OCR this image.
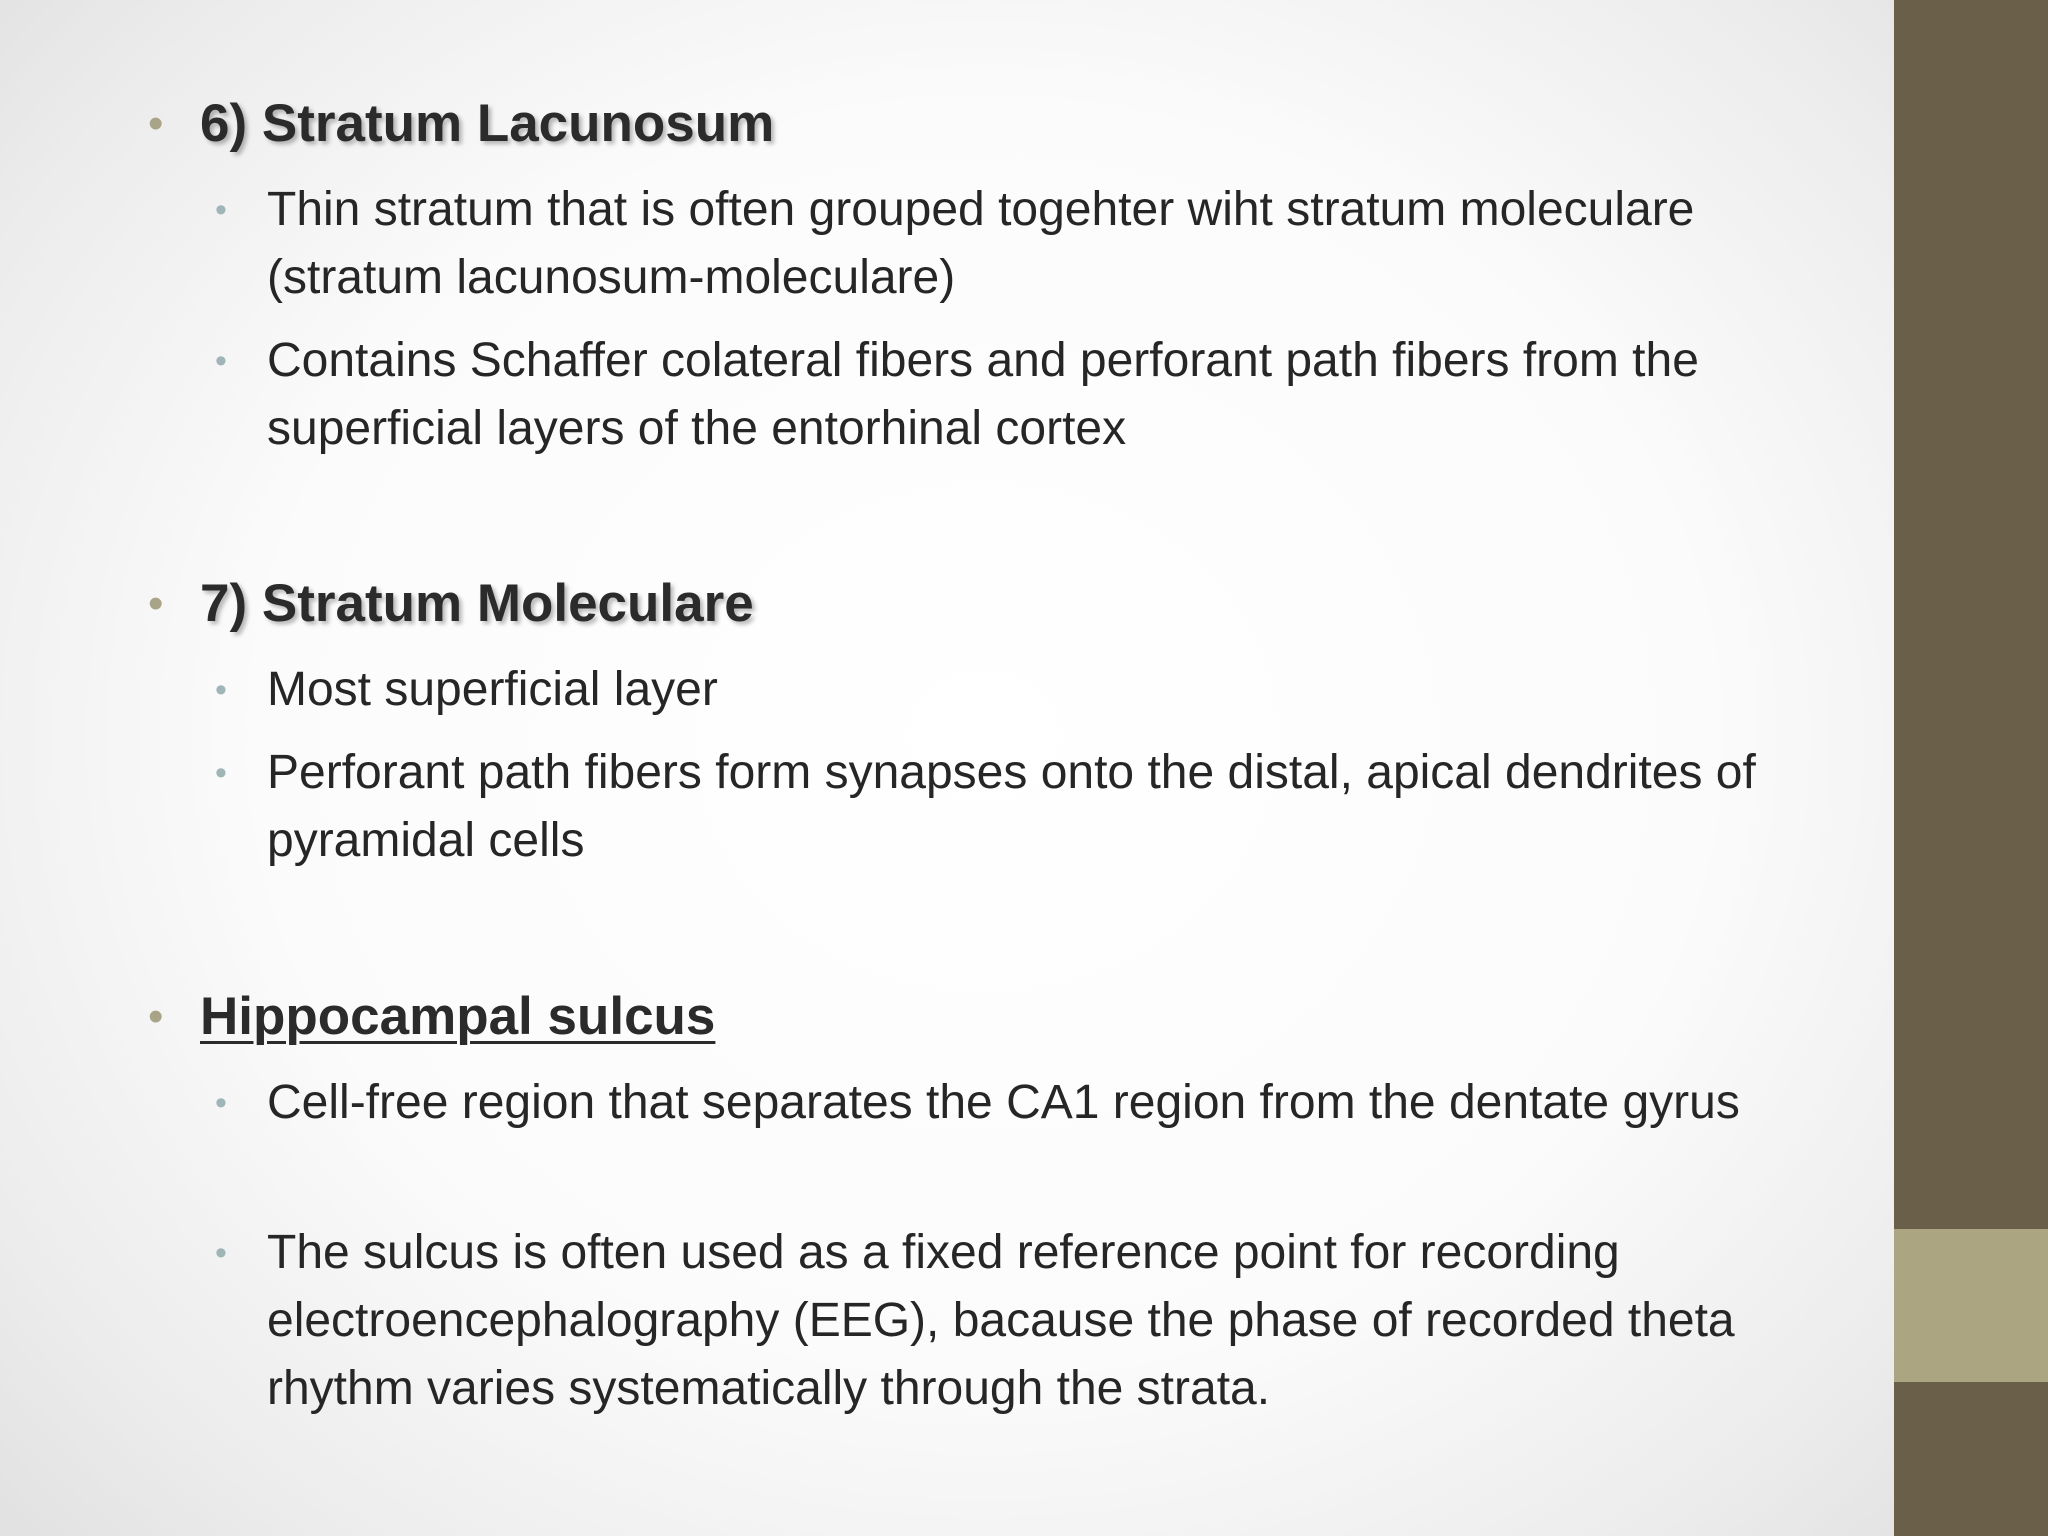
• 6) Stratum Lacunosum
• Thin stratum that is often grouped togehter wiht stratum moleculare (stratum lacunosum-moleculare)
• Contains Schaffer colateral fibers and perforant path fibers from the superficial layers of the entorhinal cortex
• 7) Stratum Moleculare
• Most superficial layer
• Perforant path fibers form synapses onto the distal, apical dendrites of pyramidal cells
• Hippocampal sulcus
• Cell-free region that separates the CA1 region from the dentate gyrus
• The sulcus is often used as a fixed reference point for recording electroencephalography (EEG), bacause the phase of recorded theta rhythm varies systematically through the strata.
